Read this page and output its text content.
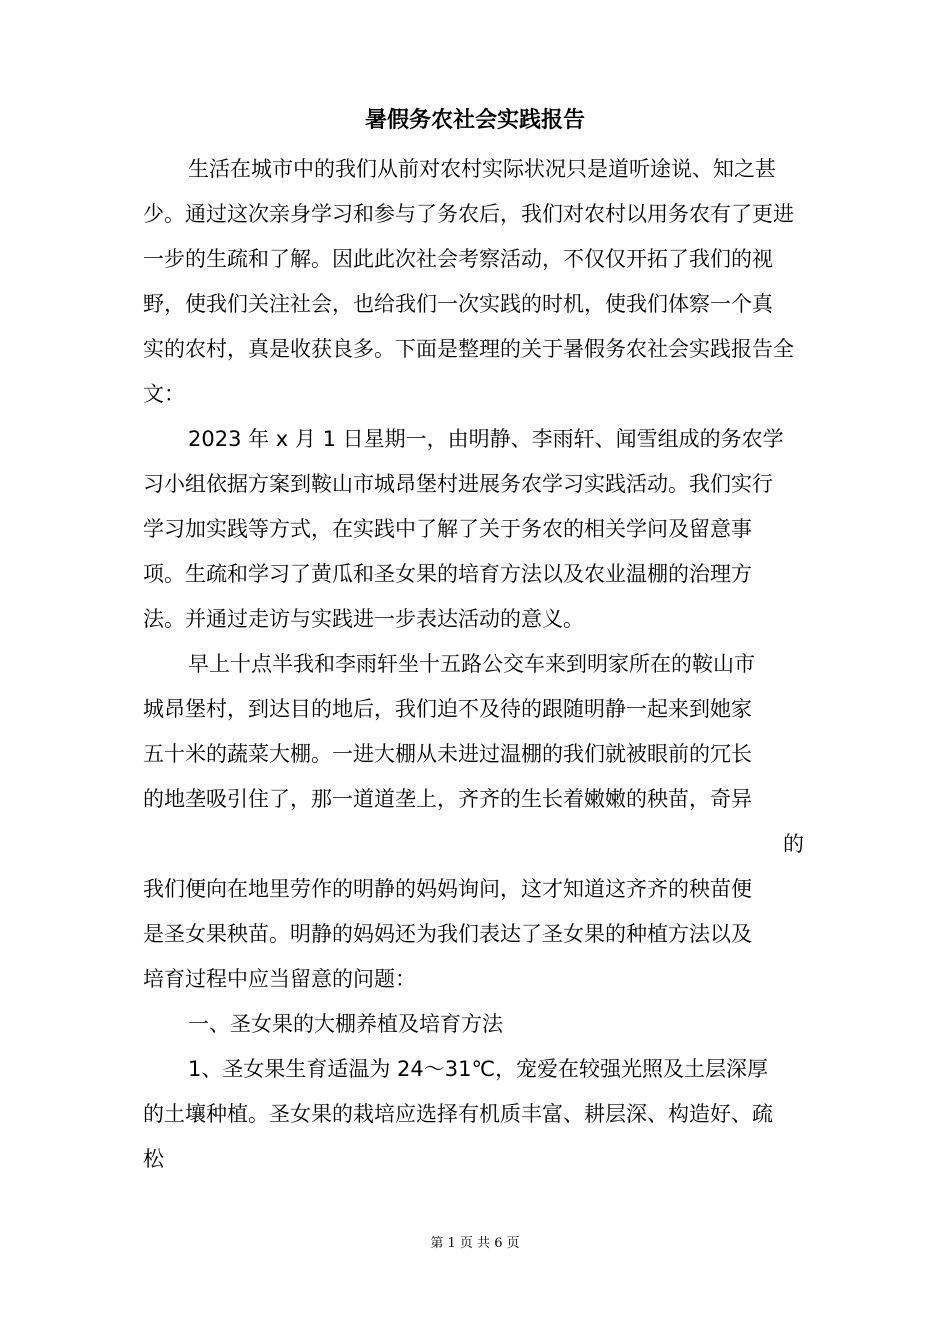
暑假务农社会实践报告
生活在城市中的我们从前对农村实际状况只是道听途说、知之甚
少。通过这次亲身学习和参与了务农后，我们对农村以用务农有了更进
一步的生疏和了解。因此此次社会考察活动，不仅仅开拓了我们的视
野，使我们关注社会，也给我们一次实践的时机，使我们体察一个真
实的农村，真是收获良多。下面是整理的关于暑假务农社会实践报告全
文：
2023 年 x 月 1 日星期一，由明静、李雨轩、闻雪组成的务农学
习小组依据方案到鞍山市城昂堡村进展务农学习实践活动。我们实行
学习加实践等方式，在实践中了解了关于务农的相关学问及留意事
项。生疏和学习了黄瓜和圣女果的培育方法以及农业温棚的治理方
法。并通过走访与实践进一步表达活动的意义。
早上十点半我和李雨轩坐十五路公交车来到明家所在的鞍山市
城昂堡村，到达目的地后，我们迫不及待的跟随明静一起来到她家
五十米的蔬菜大棚。一进大棚从未进过温棚的我们就被眼前的冗长
的地垄吸引住了，那一道道垄上，齐齐的生长着嫩嫩的秧苗，奇异
的
我们便向在地里劳作的明静的妈妈询问，这才知道这齐齐的秧苗便
是圣女果秧苗。明静的妈妈还为我们表达了圣女果的种植方法以及
培育过程中应当留意的问题：
一、圣女果的大棚养植及培育方法
1、圣女果生育适温为 24～31℃，宠爱在较强光照及土层深厚
的土壤种植。圣女果的栽培应选择有机质丰富、耕层深、构造好、疏
松
第 1 页 共 6 页
